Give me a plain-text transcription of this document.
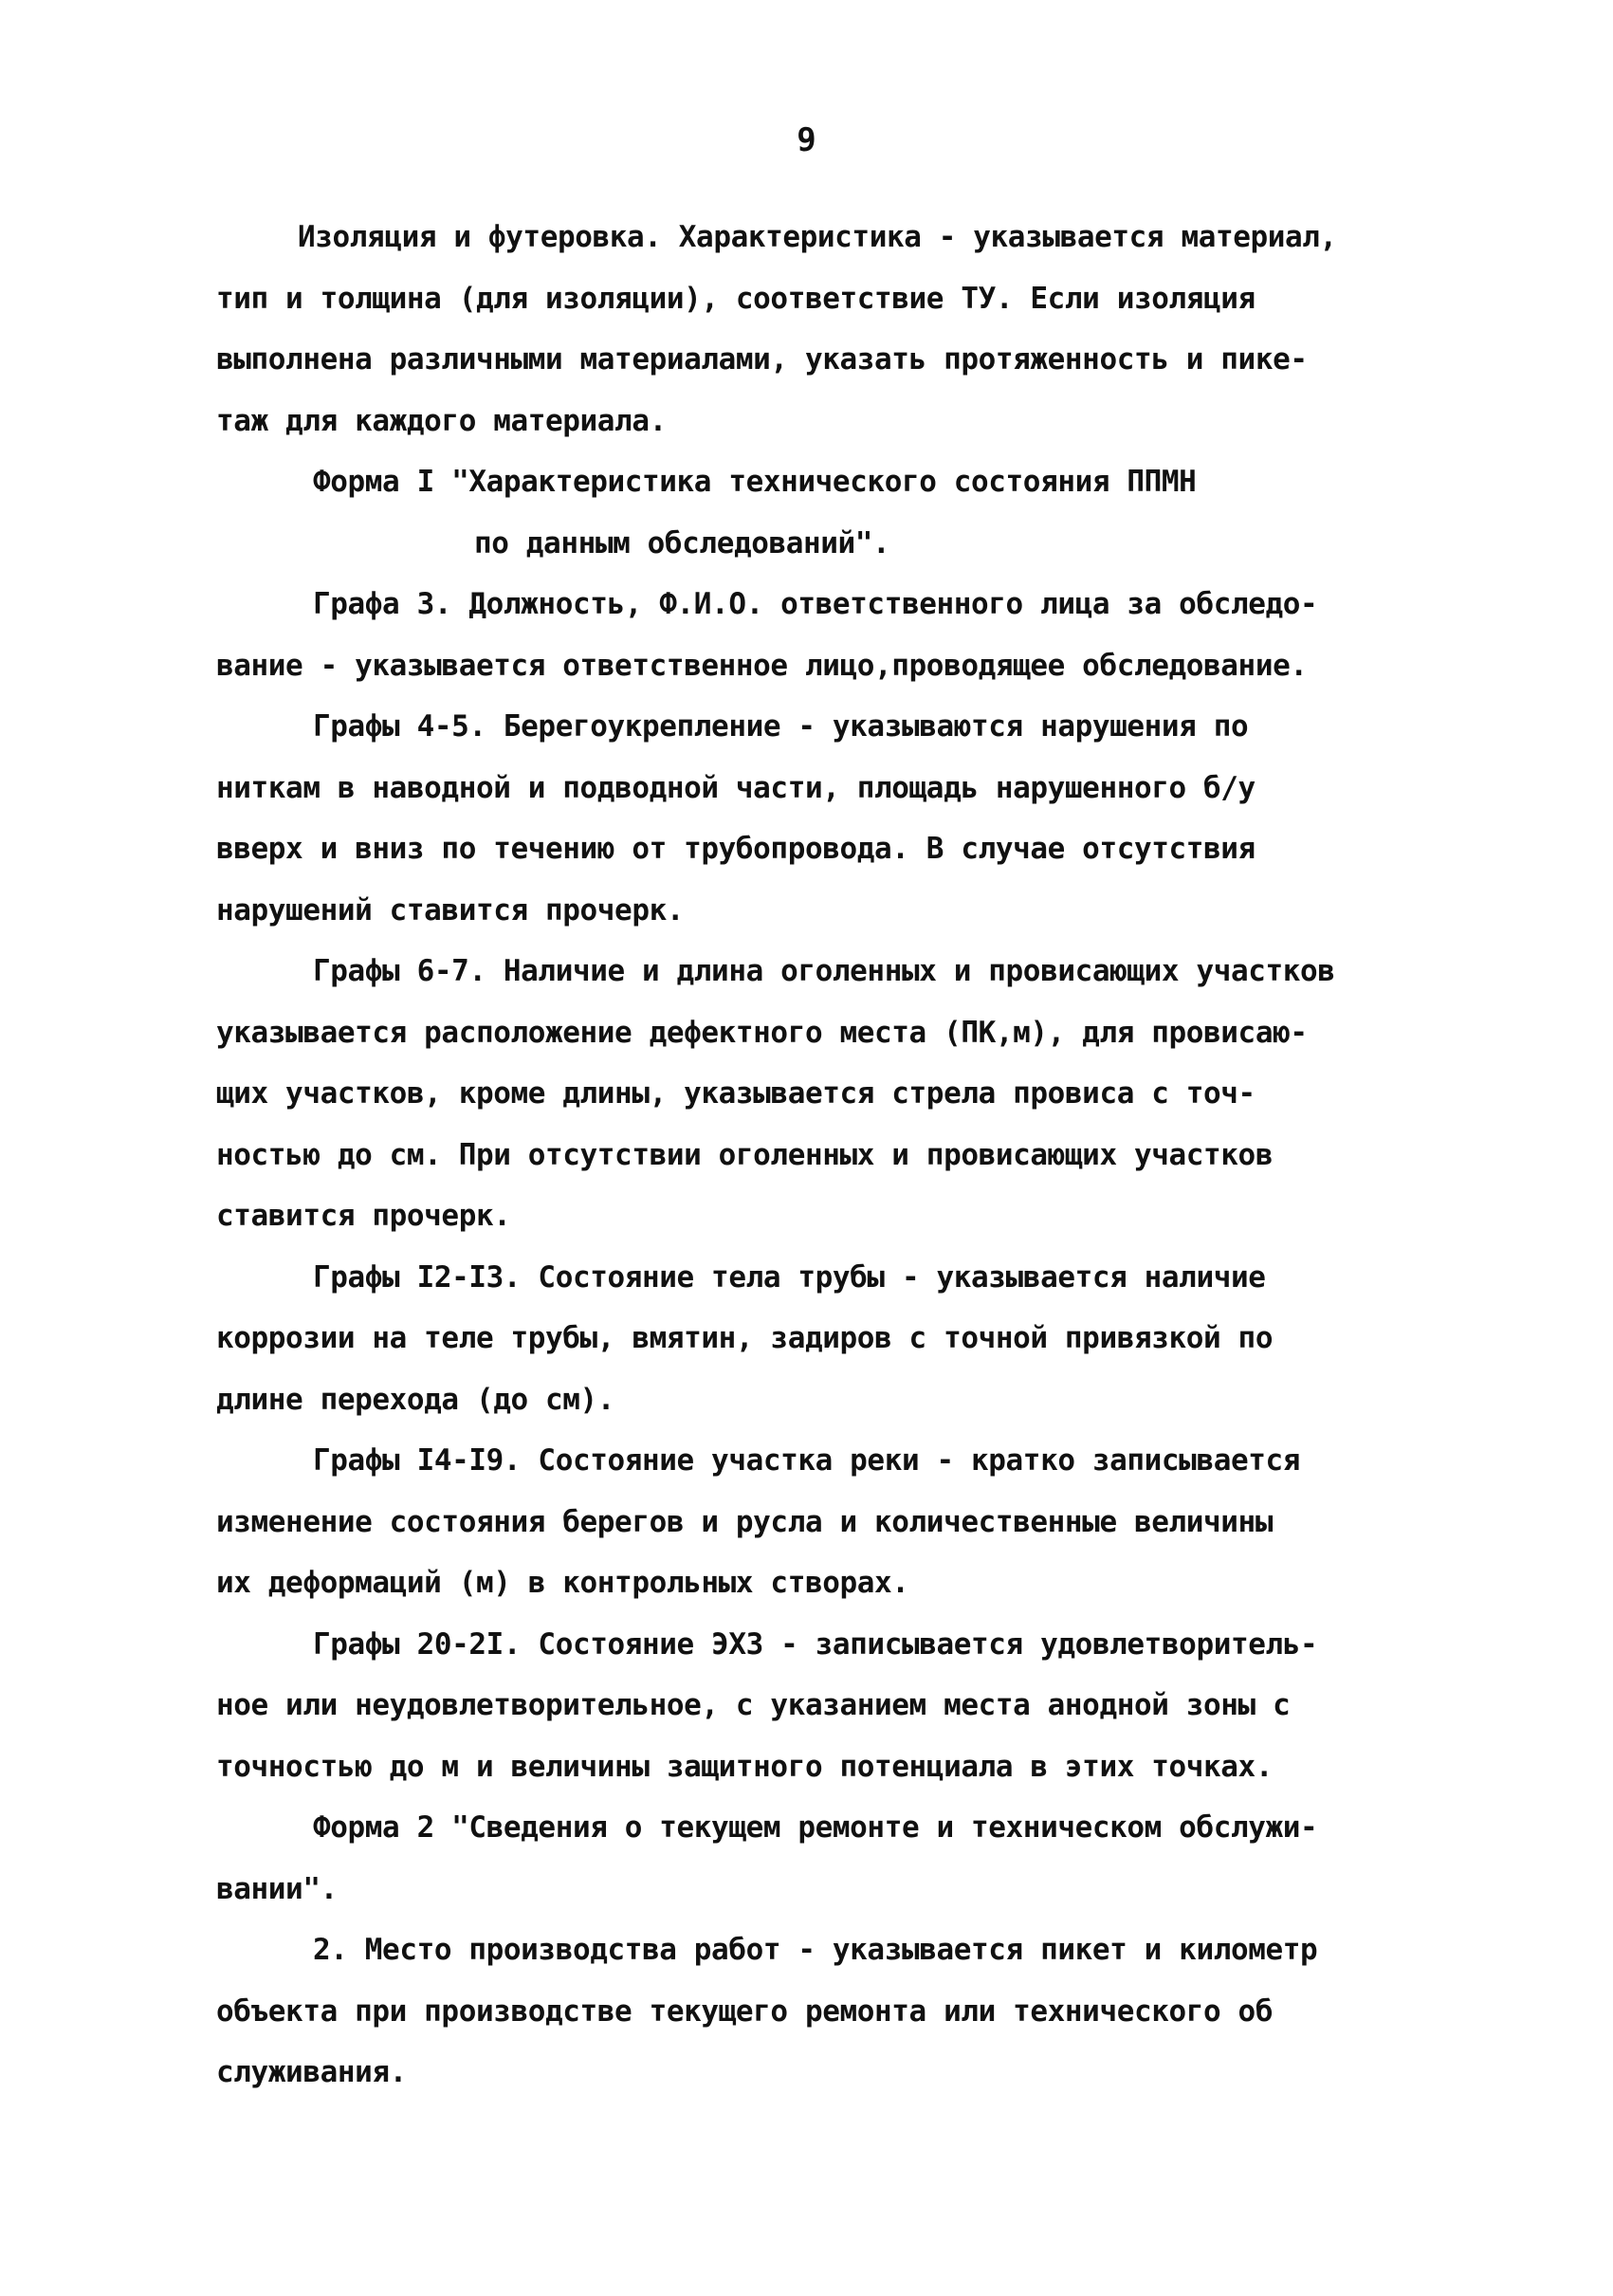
9
Изоляция и футеровка. Характеристика - указывается материал,
тип и толщина (для изоляции), соответствие ТУ. Если изоляция
выполнена различными материалами, указать протяженность и пике-
таж для каждого материала.
Форма I "Характеристика технического состояния ППМН
по данным обследований".
Графа 3. Должность, Ф.И.О. ответственного лица за обследо-
вание - указывается ответственное лицо,проводящее обследование.
Графы 4-5. Берегоукрепление - указываются нарушения по
ниткам в наводной и подводной части, площадь нарушенного б/у
вверх и вниз по течению от трубопровода. В случае отсутствия
нарушений ставится прочерк.
Графы 6-7. Наличие и длина оголенных и провисающих участков
указывается расположение дефектного места (ПК,м), для провисаю-
щих участков, кроме длины, указывается стрела провиса с точ-
ностью до см. При отсутствии оголенных и провисающих участков
ставится прочерк.
Графы I2-I3. Состояние тела трубы - указывается наличие
коррозии на теле трубы, вмятин, задиров с точной привязкой по
длине перехода (до см).
Графы I4-I9. Состояние участка реки - кратко записывается
изменение состояния берегов и русла и количественные величины
их деформаций (м) в контрольных створах.
Графы 20-2I. Состояние ЭХЗ - записывается удовлетворитель-
ное или неудовлетворительное, с указанием места анодной зоны с
точностью до м и величины защитного потенциала в этих точках.
Форма 2 "Сведения о текущем ремонте и техническом обслужи-
вании".
2. Место производства работ - указывается пикет и километр
объекта при производстве текущего ремонта или технического об
служивания.
